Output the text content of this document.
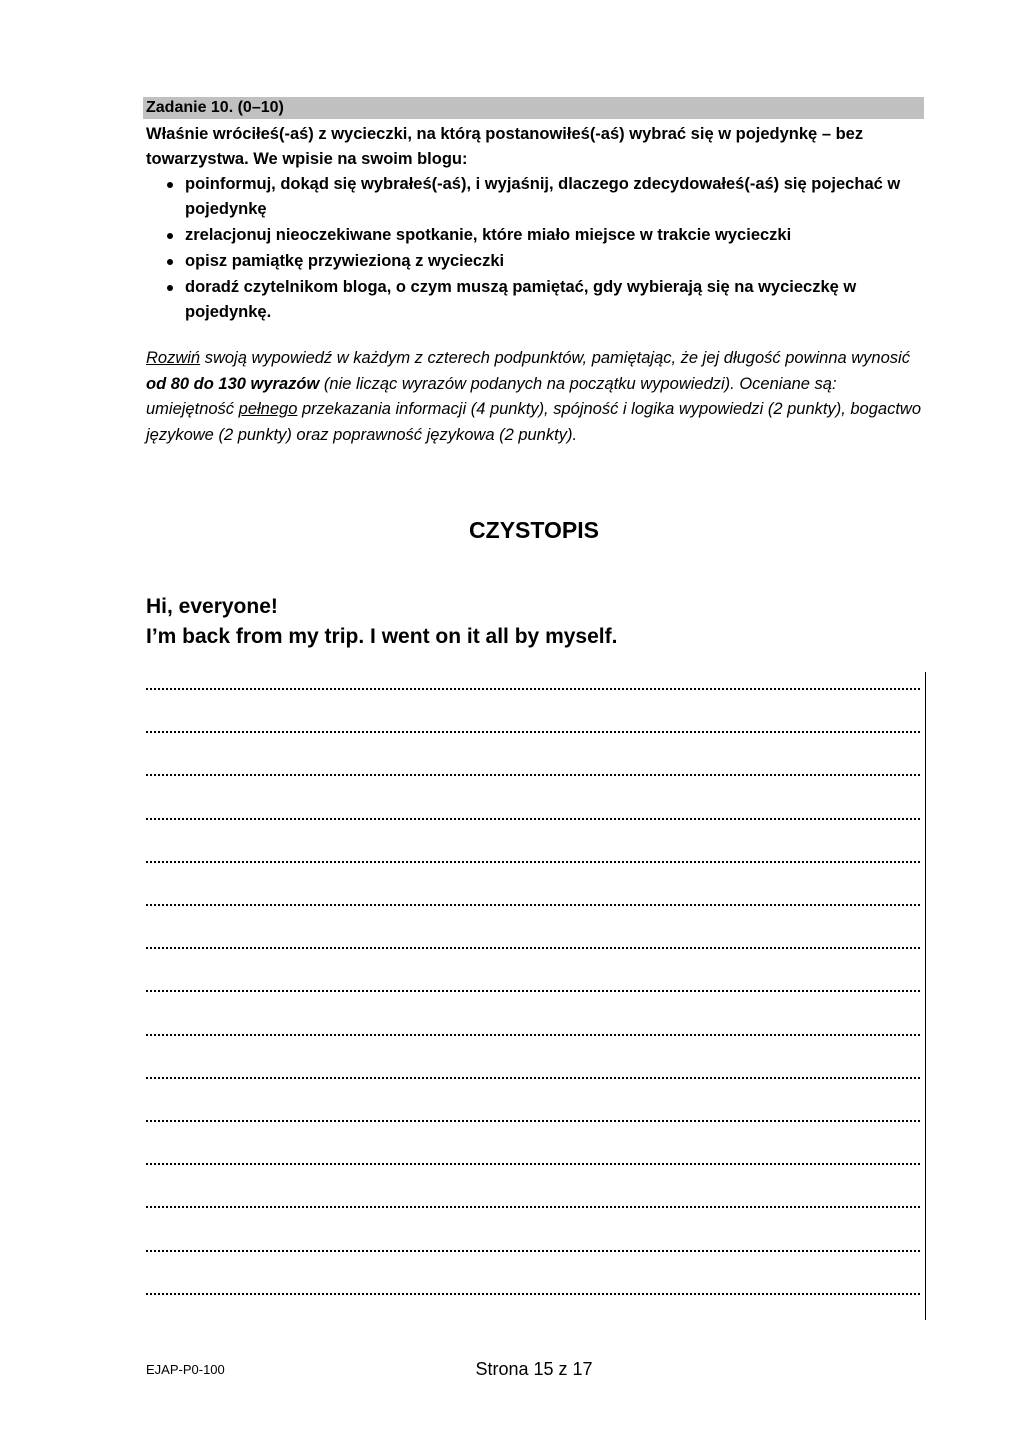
Zadanie 10. (0–10)

Właśnie wróciłeś(-aś) z wycieczki, na którą postanowiłeś(-aś) wybrać się w pojedynkę – bez towarzystwa. We wpisie na swoim blogu:

poinformuj, dokąd się wybrałeś(-aś), i wyjaśnij, dlaczego zdecydowałeś(-aś) się pojechać w pojedynkę
zrelacjonuj nieoczekiwane spotkanie, które miało miejsce w trakcie wycieczki
opisz pamiątkę przywiezioną z wycieczki
doradź czytelnikom bloga, o czym muszą pamiętać, gdy wybierają się na wycieczkę w pojedynkę.

Rozwiń swoją wypowiedź w każdym z czterech podpunktów, pamiętając, że jej długość powinna wynosić od 80 do 130 wyrazów (nie licząc wyrazów podanych na początku wypowiedzi). Oceniane są: umiejętność pełnego przekazania informacji (4 punkty), spójność i logika wypowiedzi (2 punkty), bogactwo językowe (2 punkty) oraz poprawność językowa (2 punkty).

CZYSTOPIS

Hi, everyone!
I’m back from my trip. I went on it all by myself.

EJAP-P0-100	Strona 15 z 17
